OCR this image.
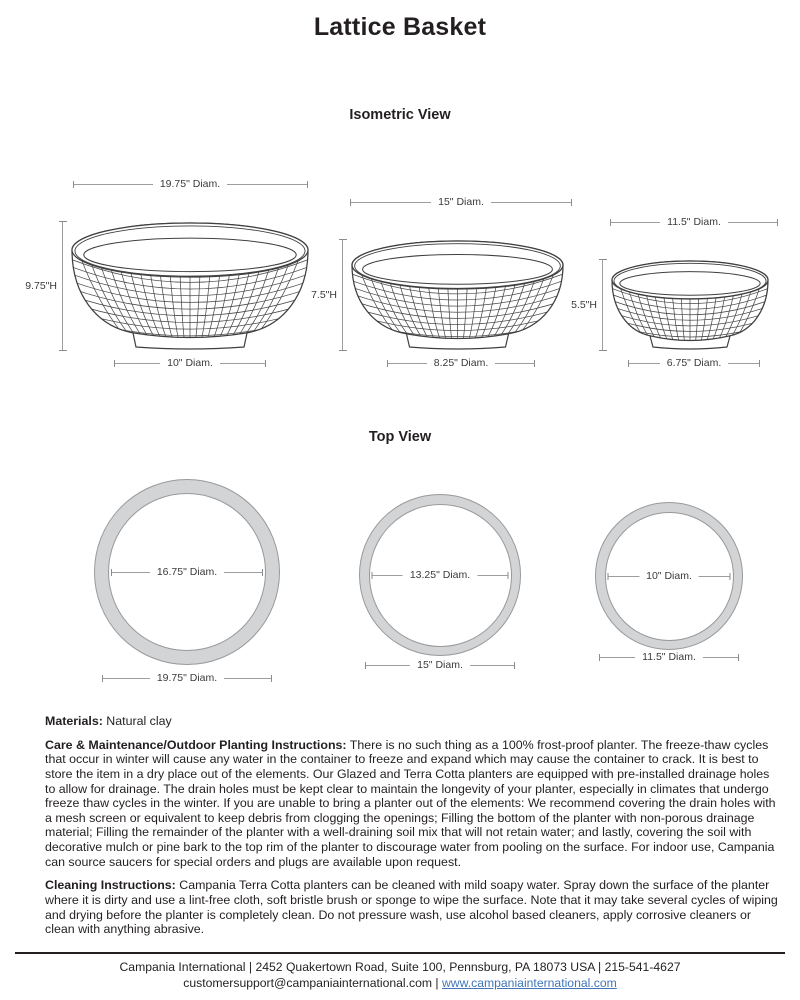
Lattice Basket
Isometric View
19.75" Diam.
9.75"H
10" Diam.
15" Diam.
7.5"H
8.25" Diam.
11.5" Diam.
5.5"H
6.75" Diam.
Top View
16.75" Diam.
19.75" Diam.
13.25" Diam.
15" Diam.
10" Diam.
11.5" Diam.

Materials: Natural clay

Care & Maintenance/Outdoor Planting Instructions: There is no such thing as a 100% frost-proof planter. The freeze-thaw cycles that occur in winter will cause any water in the container to freeze and expand which may cause the container to crack. It is best to store the item in a dry place out of the elements. Our Glazed and Terra Cotta planters are equipped with pre-installed drainage holes to allow for drainage. The drain holes must be kept clear to maintain the longevity of your planter, especially in climates that undergo freeze thaw cycles in the winter. If you are unable to bring a planter out of the elements: We recommend covering the drain holes with a mesh screen or equivalent to keep debris from clogging the openings; Filling the bottom of the planter with non-porous drainage material; Filling the remainder of the planter with a well-draining soil mix that will not retain water; and lastly, covering the soil with decorative mulch or pine bark to the top rim of the planter to discourage water from pooling on the surface. For indoor use, Campania can source saucers for special orders and plugs are available upon request.

Cleaning Instructions: Campania Terra Cotta planters can be cleaned with mild soapy water. Spray down the surface of the planter where it is dirty and use a lint-free cloth, soft bristle brush or sponge to wipe the surface. Note that it may take several cycles of wiping and drying before the planter is completely clean. Do not pressure wash, use alcohol based cleaners, apply corrosive cleaners or clean with anything abrasive.

Campania International | 2452 Quakertown Road, Suite 100, Pennsburg, PA 18073 USA | 215-541-4627
customersupport@campaniainternational.com | www.campaniainternational.com
